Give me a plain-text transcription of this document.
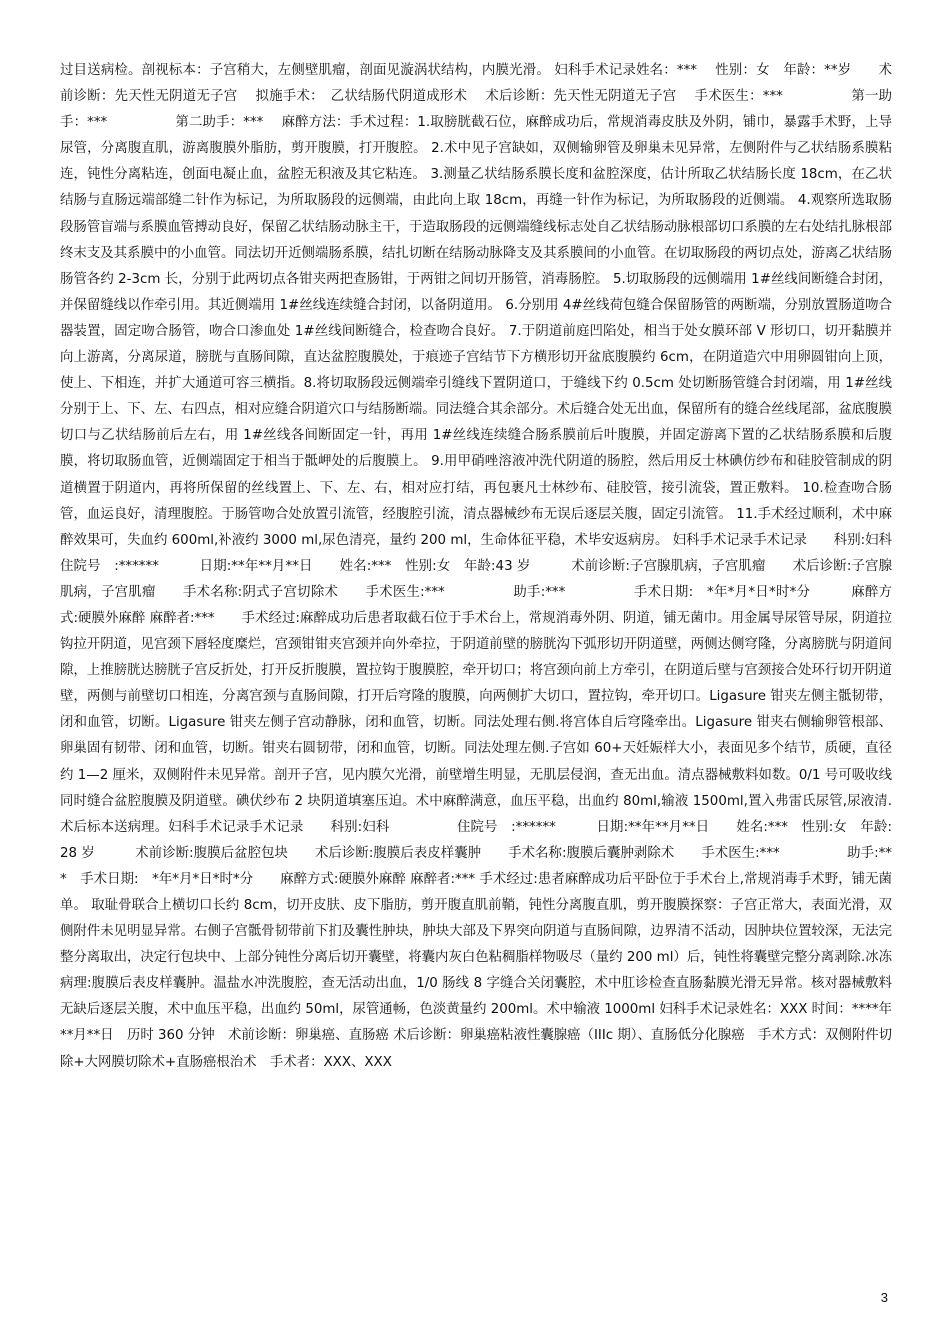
过目送病检。剖视标本：子宫稍大，左侧壁肌瘤，剖面见漩涡状结构，内膜光滑。 妇科手术记录姓名：***　 性别：女　年龄：**岁　　术前诊断：先天性无阴道无子宫　 拟施手术：　乙状结肠代阴道成形术　 术后诊断：先天性无阴道无子宫　 手术医生：***　　　　　第一助手：***　　　　　第二助手：***　 麻醉方法：手术过程：1.取膀胱截石位，麻醉成功后，常规消毒皮肤及外阴，铺巾，暴露手术野，上导尿管，分离腹直肌，游离腹膜外脂肪，剪开腹膜，打开腹腔。 2.术中见子宫缺如，双侧输卵管及卵巢未见异常，左侧附件与乙状结肠系膜粘连，钝性分离粘连，创面电凝止血，盆腔无积液及其它粘连。 3.测量乙状结肠系膜长度和盆腔深度，估计所取乙状结肠长度 18cm，在乙状结肠与直肠远端部缝二针作为标记，为所取肠段的远侧端，由此向上取 18cm，再缝一针作为标记，为所取肠段的近侧端。 4.观察所选取肠段肠管盲端与系膜血管搏动良好，保留乙状结肠动脉主干，于造取肠段的远侧端缝线标志处自乙状结肠动脉根部切口系膜的左右处结扎脉根部终末支及其系膜中的小血管。同法切开近侧端肠系膜，结扎切断在结肠动脉降支及其系膜间的小血管。在切取肠段的两切点处，游离乙状结肠肠管各约 2-3cm 长，分别于此两切点各钳夹两把查肠钳，于两钳之间切开肠管，消毒肠腔。 5.切取肠段的远侧端用 1#丝线间断缝合封闭，并保留缝线以作牵引用。其近侧端用 1#丝线连续缝合封闭，以备阴道用。 6.分别用 4#丝线荷包缝合保留肠管的两断端，分别放置肠道吻合器装置，固定吻合肠管，吻合口渗血处 1#丝线间断缝合，检查吻合良好。 7.于阴道前庭凹陷处，相当于处女膜环部 V 形切口，切开黏膜并向上游离，分离尿道，膀胱与直肠间隙，直达盆腔腹膜处，于痕迹子宫结节下方横形切开盆底腹膜约 6cm，在阴道造穴中用卵圆钳向上顶，使上、下相连，并扩大通道可容三横指。8.将切取肠段远侧端牵引缝线下置阴道口，于缝线下约 0.5cm 处切断肠管缝合封闭端，用 1#丝线分别于上、下、左、右四点，相对应缝合阴道穴口与结肠断端。同法缝合其余部分。术后缝合处无出血，保留所有的缝合丝线尾部，盆底腹膜切口与乙状结肠前后左右，用 1#丝线各间断固定一针，再用 1#丝线连续缝合肠系膜前后叶腹膜，并固定游离下置的乙状结肠系膜和后腹膜，将切取肠血管，近侧端固定于相当于骶岬处的后腹膜上。 9.用甲硝唑溶液冲洗代阴道的肠腔，然后用反士林碘仿纱布和硅胶管制成的阴道横置于阴道内，再将所保留的丝线置上、下、左、右，相对应打结，再包裹凡士林纱布、硅胶管，接引流袋，置正敷料。 10.检查吻合肠管，血运良好，清理腹腔。于肠管吻合处放置引流管，经腹腔引流，清点器械纱布无误后逐层关腹，固定引流管。 11.手术经过顺利，术中麻醉效果可，失血约 600ml,补液约 3000 ml,尿色清亮，量约 200 ml，生命体征平稳，术毕安返病房。 妇科手术记录手术记录　　科别:妇科　　　　住院号　:******　　　日期:**年**月**日　　姓名:***　性别:女　年龄:43 岁　　　术前诊断:子宫腺肌病，子宫肌瘤　　术后诊断:子宫腺肌病，子宫肌瘤　　手术名称:阴式子宫切除术　　手术医生:***　　　　　助手:***　　　　　手术日期:　*年*月*日*时*分　　　麻醉方式:硬膜外麻醉 麻醉者:***　　手术经过:麻醉成功后患者取截石位于手术台上，常规消毒外阴、阴道，铺无菌巾。用金属导尿管导尿，阴道拉钩拉开阴道，见宫颈下唇轻度糜烂，宫颈钳钳夹宫颈并向外牵拉，于阴道前壁的膀胱沟下弧形切开阴道壁，两侧达侧穹隆，分离膀胱与阴道间隙，上推膀胱达膀胱子宫反折处，打开反折腹膜，置拉钩于腹膜腔，牵开切口；将宫颈向前上方牵引，在阴道后壁与宫颈接合处环行切开阴道壁，两侧与前壁切口相连，分离宫颈与直肠间隙，打开后穹隆的腹膜，向两侧扩大切口，置拉钩，牵开切口。Ligasure 钳夹左侧主骶韧带，闭和血管，切断。Ligasure 钳夹左侧子宫动静脉，闭和血管，切断。同法处理右侧.将宫体自后穹隆牵出。Ligasure 钳夹右侧输卵管根部、卵巢固有韧带、闭和血管，切断。钳夹右圆韧带，闭和血管，切断。同法处理左侧.子宫如 60+天妊娠样大小，表面见多个结节，质硬，直径约 1—2 厘米，双侧附件未见异常。剖开子宫，见内膜欠光滑，前壁增生明显，无肌层侵润，查无出血。清点器械敷料如数。0/1 号可吸收线同时缝合盆腔腹膜及阴道壁。碘伏纱布 2 块阴道填塞压迫。术中麻醉满意，血压平稳，出血约 80ml,输液 1500ml,置入弗雷氏尿管,尿液清.术后标本送病理。妇科手术记录手术记录　　科别:妇科　　　　　住院号　:******　　　日期:**年**月**日　　姓名:***　性别:女　年龄:28 岁　　　术前诊断:腹膜后盆腔包块　　术后诊断:腹膜后表皮样囊肿　　手术名称:腹膜后囊肿剥除术　　手术医生:***　　　　　助手:***　手术日期:　*年*月*日*时*分　　麻醉方式:硬膜外麻醉 麻醉者:*** 手术经过:患者麻醉成功后平卧位于手术台上,常规消毒手术野，铺无菌单。 取耻骨联合上横切口长约 8cm，切开皮肤、皮下脂肪，剪开腹直肌前鞘，钝性分离腹直肌，剪开腹膜探察：子宫正常大，表面光滑，双侧附件未见明显异常。右侧子宫骶骨韧带前下扪及囊性肿块，肿块大部及下界突向阴道与直肠间隙，边界清不活动，因肿块位置较深，无法完整分离取出，决定行包块中、上部分钝性分离后切开囊壁，将囊内灰白色粘稠脂样物吸尽（量约 200 ml）后，钝性将囊壁完整分离剥除.冰冻病理:腹膜后表皮样囊肿。温盐水冲洗腹腔，查无活动出血，1/0 肠线 8 字缝合关闭囊腔，术中肛诊检查直肠黏膜光滑无异常。核对器械敷料无缺后逐层关腹，术中血压平稳，出血约 50ml，尿管通畅，色淡黄量约 200ml。术中输液 1000ml 妇科手术记录姓名：XXX 时间：****年**月**日　历时 360 分钟　术前诊断：卵巢癌、直肠癌 术后诊断：卵巢癌粘液性囊腺癌（IIIc 期）、直肠低分化腺癌　手术方式：双侧附件切除+大网膜切除术+直肠癌根治术　手术者：XXX、XXX

3
